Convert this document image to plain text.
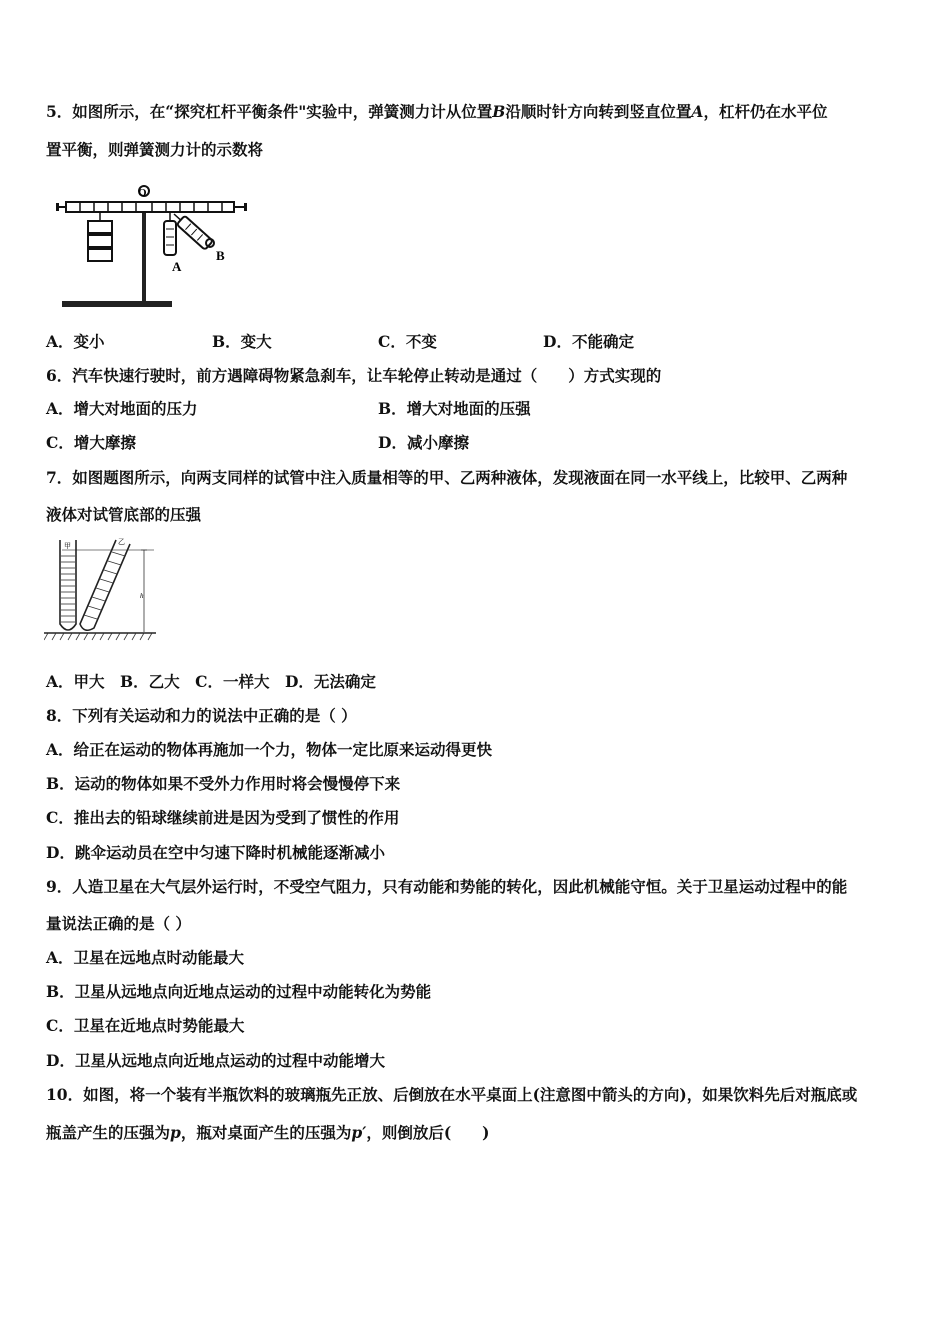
5．如图所示，在“探究杠杆平衡条件"实验中，弹簧测力计从位置B沿顺时针方向转到竖直位置A，杠杆仍在水平位
置平衡，则弹簧测力计的示数将
O
A
B
A．变小	B．变大	C．不变	D．不能确定
6．汽车快速行驶时，前方遇障碍物紧急刹车，让车轮停止转动是通过（　　）方式实现的
A．增大对地面的压力	B．增大对地面的压强
C．增大摩擦	D．减小摩擦
7．如图题图所示，向两支同样的试管中注入质量相等的甲、乙两种液体，发现液面在同一水平线上，比较甲、乙两种
液体对试管底部的压强
甲	乙
h
A．甲大　B．乙大　C．一样大　D．无法确定
8．下列有关运动和力的说法中正确的是（ ）
A．给正在运动的物体再施加一个力，物体一定比原来运动得更快
B．运动的物体如果不受外力作用时将会慢慢停下来
C．推出去的铅球继续前进是因为受到了惯性的作用
D．跳伞运动员在空中匀速下降时机械能逐渐减小
9．人造卫星在大气层外运行时，不受空气阻力，只有动能和势能的转化，因此机械能守恒。关于卫星运动过程中的能
量说法正确的是（ ）
A．卫星在远地点时动能最大
B．卫星从远地点向近地点运动的过程中动能转化为势能
C．卫星在近地点时势能最大
D．卫星从远地点向近地点运动的过程中动能增大
10．如图，将一个装有半瓶饮料的玻璃瓶先正放、后倒放在水平桌面上(注意图中箭头的方向)，如果饮料先后对瓶底或
瓶盖产生的压强为p，瓶对桌面产生的压强为p′，则倒放后(　　)
